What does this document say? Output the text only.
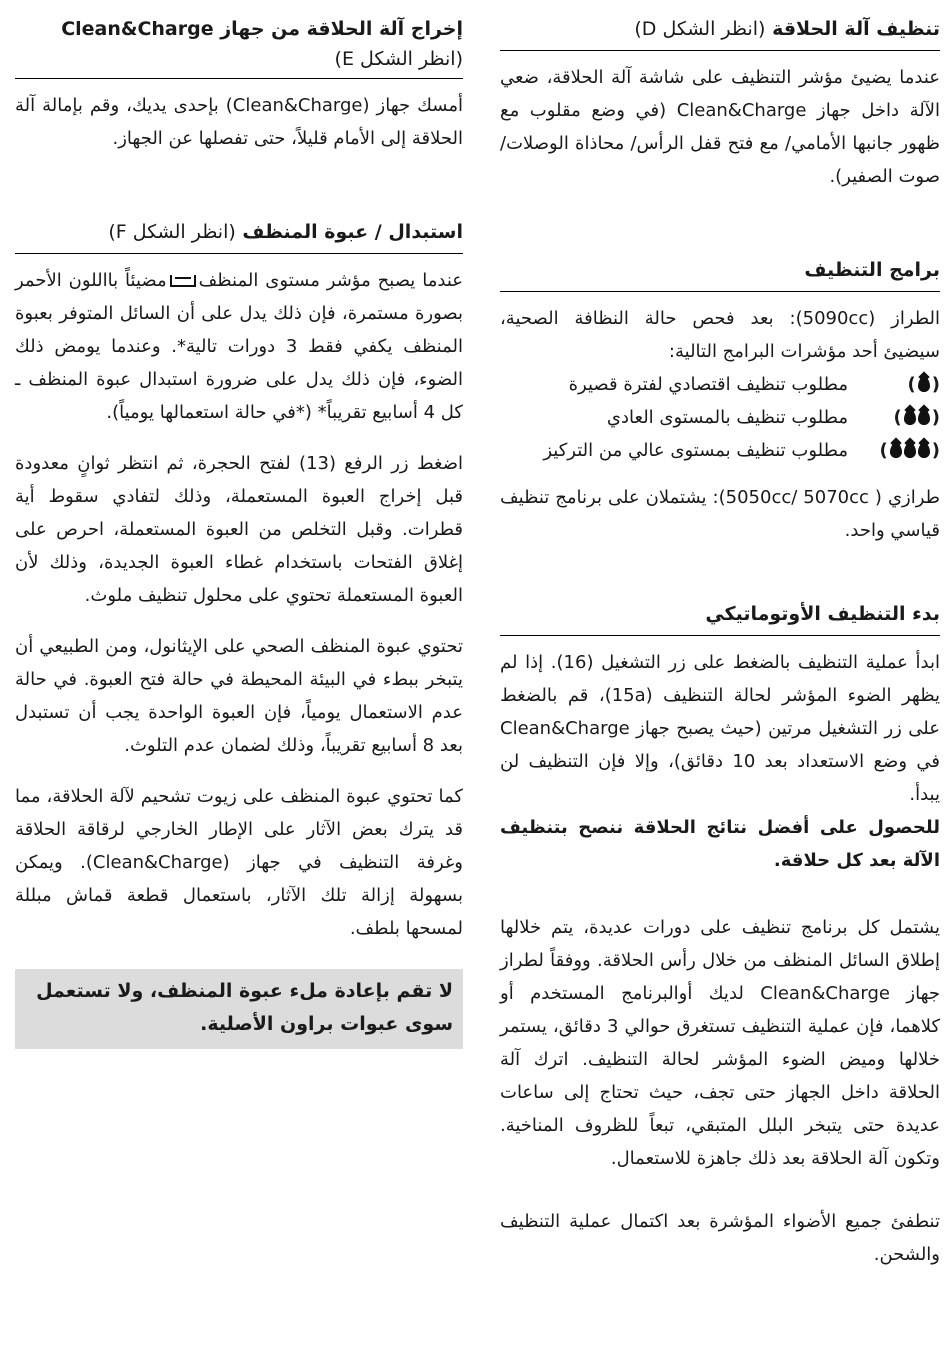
تنظيف آلة الحلاقة (انظر الشكل D)

عندما يضيئ مؤشر التنظيف على شاشة آلة الحلاقة، ضعي الآلة داخل جهاز Clean&Charge (في وضع مقلوب مع ظهور جانبها الأمامي/ مع فتح قفل الرأس/ محاذاة الوصلات/ صوت الصفير).

برامج التنظيف

الطراز (5090cc): بعد فحص حالة النظافة الصحية، سيضيئ أحد مؤشرات البرامج التالية:

(
)
مطلوب تنظيف اقتصادي لفترة قصيرة
(
)
مطلوب تنظيف بالمستوى العادي
(
)
مطلوب تنظيف بمستوى عالي من التركيز

طرازي ( 5050cc/ 5070cc): يشتملان على برنامج تنظيف قياسي واحد.

بدء التنظيف الأوتوماتيكي

ابدأ عملية التنظيف بالضغط على زر التشغيل (16). إذا لم يظهر الضوء المؤشر لحالة التنظيف (15a)، قم بالضغط على زر التشغيل مرتين (حيث يصبح جهاز Clean&Charge في وضع الاستعداد بعد 10 دقائق)، وإلا فإن التنظيف لن يبدأ.

للحصول على أفضل نتائج الحلاقة ننصح بتنظيف الآلة بعد كل حلاقة.

يشتمل كل برنامج تنظيف على دورات عديدة، يتم خلالها إطلاق السائل المنظف من خلال رأس الحلاقة. ووفقاً لطراز جهاز Clean&Charge لديك أوالبرنامج المستخدم أو كلاهما، فإن عملية التنظيف تستغرق حوالي 3 دقائق، يستمر خلالها وميض الضوء المؤشر لحالة التنظيف. اترك آلة الحلاقة داخل الجهاز حتى تجف، حيث تحتاج إلى ساعات عديدة حتى يتبخر البلل المتبقي، تبعاً للظروف المناخية. وتكون آلة الحلاقة بعد ذلك جاهزة للاستعمال.

تنطفئ جميع الأضواء المؤشرة بعد اكتمال عملية التنظيف والشحن.

إخراج آلة الحلاقة من جهاز Clean&Charge
(انظر الشكل E)

أمسك جهاز (Clean&Charge) بإحدى يديك، وقم بإمالة آلة الحلاقة إلى الأمام قليلاً، حتى تفصلها عن الجهاز.

استبدال / عبوة المنظف (انظر الشكل F)

عندما يصبح مؤشر مستوى المنظفمضيئاً بااللون الأحمر بصورة مستمرة، فإن ذلك يدل على أن السائل المتوفر بعبوة المنظف يكفي فقط 3 دورات تالية*. وعندما يومض ذلك الضوء، فإن ذلك يدل على ضرورة استبدال عبوة المنظف ـ كل 4 أسابيع تقريباً* (*في حالة استعمالها يومياً).

اضغط زر الرفع (13) لفتح الحجرة، ثم انتظر ثوانٍ معدودة قبل إخراج العبوة المستعملة، وذلك لتفادي سقوط أية قطرات. وقبل التخلص من العبوة المستعملة، احرص على إغلاق الفتحات باستخدام غطاء العبوة الجديدة، وذلك لأن العبوة المستعملة تحتوي على محلول تنظيف ملوث.

تحتوي عبوة المنظف الصحي على الإيثانول، ومن الطبيعي أن يتبخر ببطء في البيئة المحيطة في حالة فتح العبوة. في حالة عدم الاستعمال يومياً، فإن العبوة الواحدة يجب أن تستبدل بعد 8 أسابيع تقريباً، وذلك لضمان عدم التلوث.

كما تحتوي عبوة المنظف على زيوت تشحيم لآلة الحلاقة، مما قد يترك بعض الآثار على الإطار الخارجي لرقاقة الحلاقة وغرفة التنظيف في جهاز (Clean&Charge). ويمكن بسهولة إزالة تلك الآثار، باستعمال قطعة قماش مبللة لمسحها بلطف.

لا تقم بإعادة ملء عبوة المنظف، ولا تستعمل سوى عبوات براون الأصلية.
